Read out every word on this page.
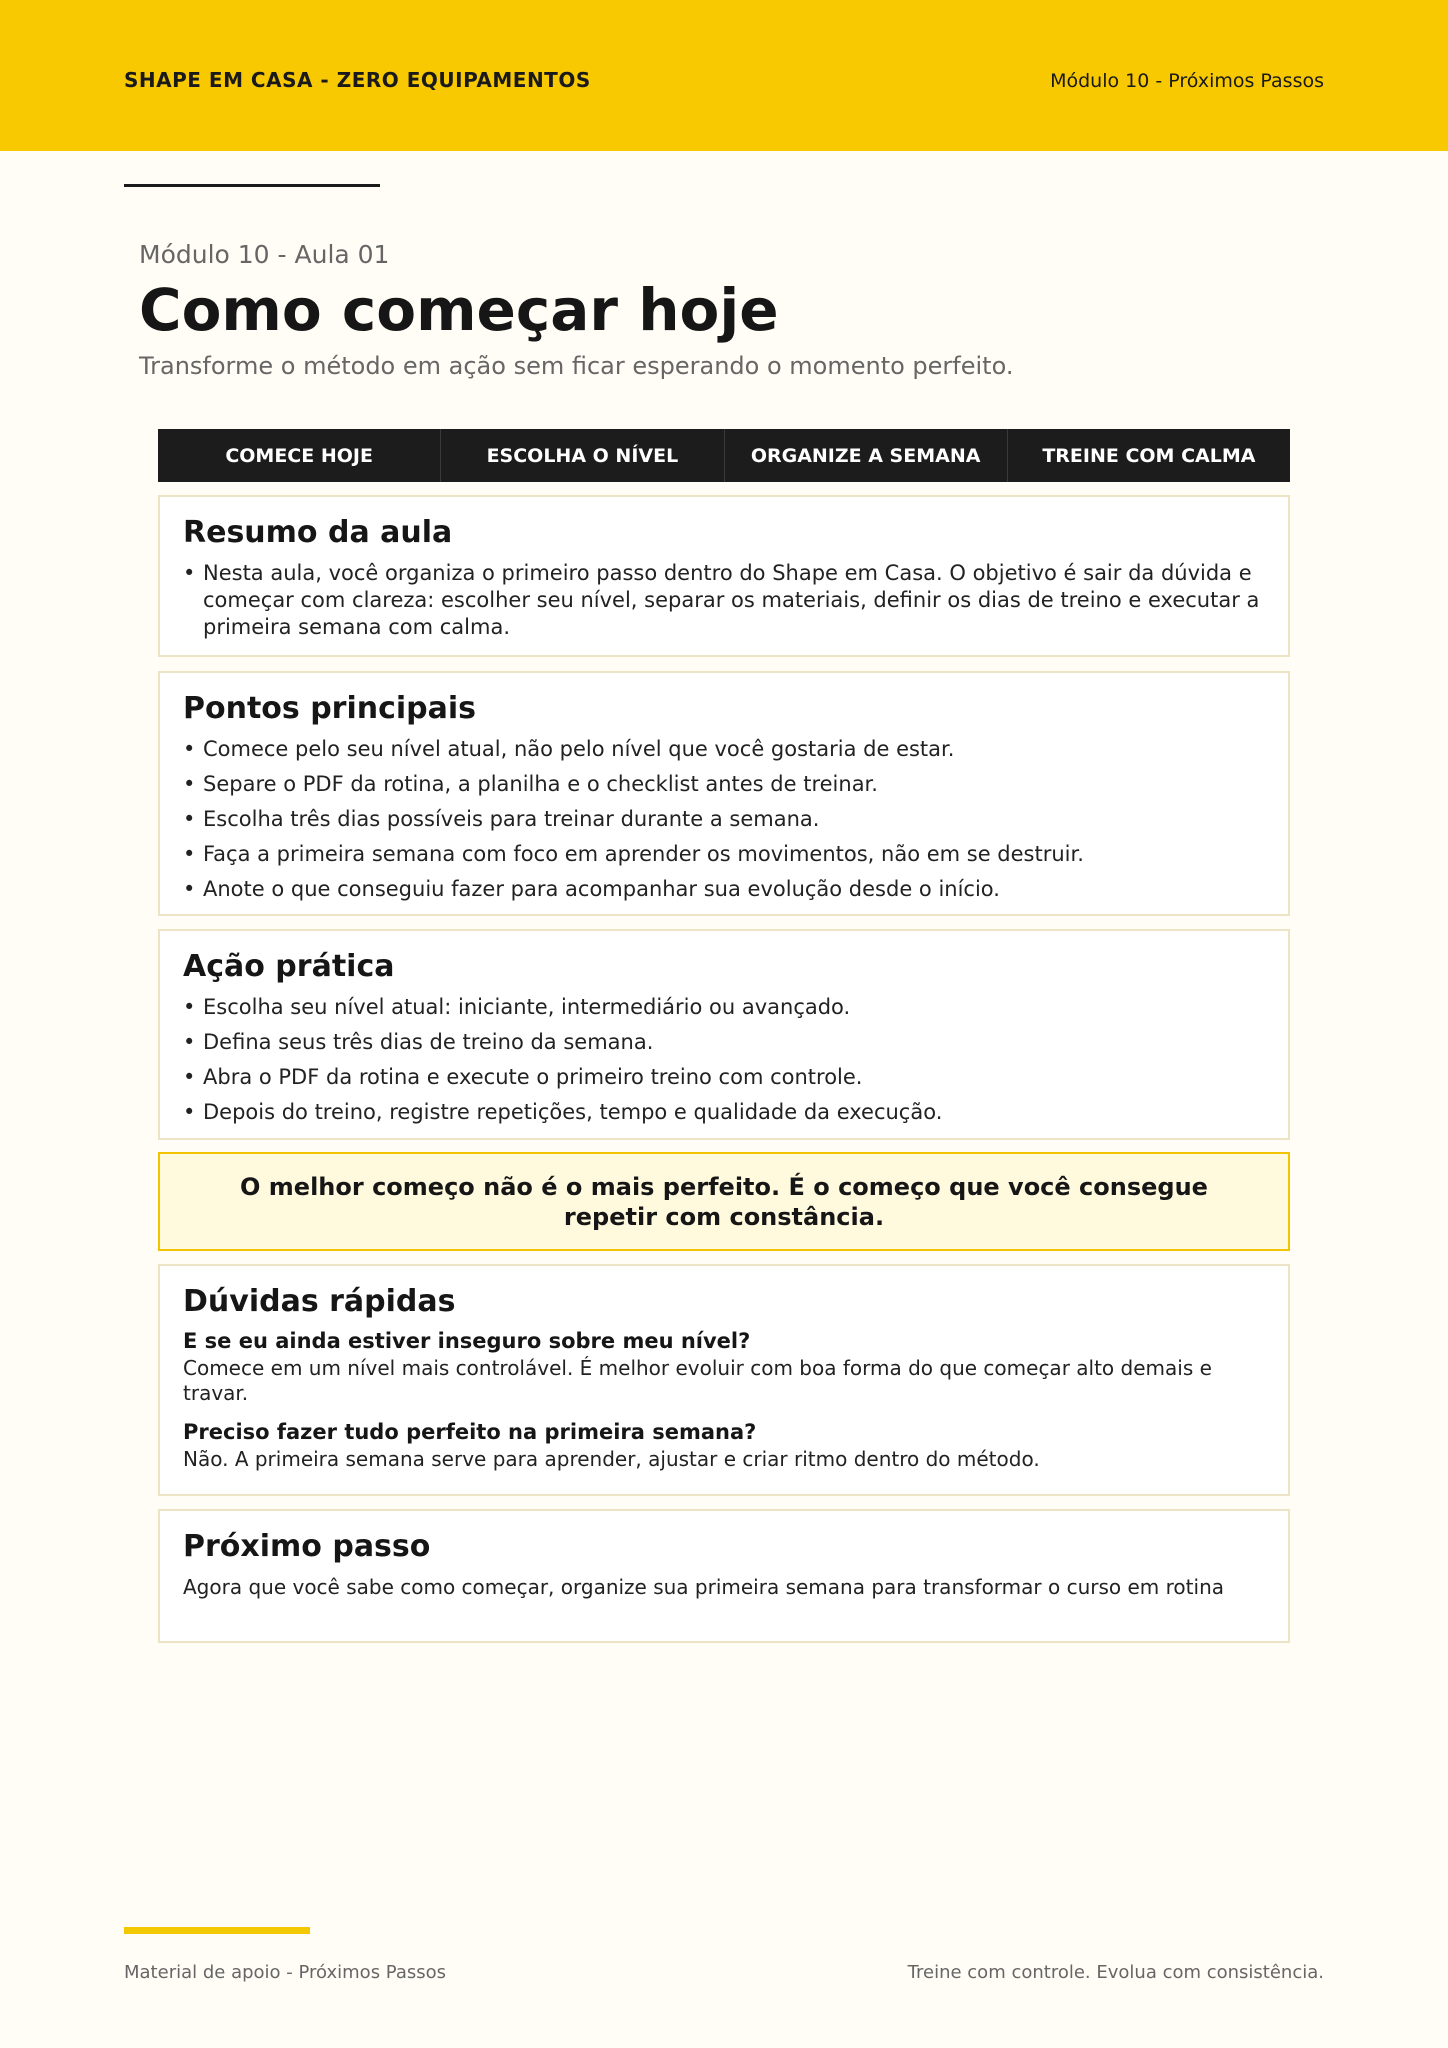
SHAPE EM CASA - ZERO EQUIPAMENTOS	Módulo 10 - Próximos Passos
Módulo 10 - Aula 01
Como começar hoje
Transforme o método em ação sem ficar esperando o momento perfeito.
COMECE HOJE	ESCOLHA O NÍVEL	ORGANIZE A SEMANA	TREINE COM CALMA
Resumo da aula
• Nesta aula, você organiza o primeiro passo dentro do Shape em Casa. O objetivo é sair da dúvida e começar com clareza: escolher seu nível, separar os materiais, definir os dias de treino e executar a primeira semana com calma.
Pontos principais
• Comece pelo seu nível atual, não pelo nível que você gostaria de estar.
• Separe o PDF da rotina, a planilha e o checklist antes de treinar.
• Escolha três dias possíveis para treinar durante a semana.
• Faça a primeira semana com foco em aprender os movimentos, não em se destruir.
• Anote o que conseguiu fazer para acompanhar sua evolução desde o início.
Ação prática
• Escolha seu nível atual: iniciante, intermediário ou avançado.
• Defina seus três dias de treino da semana.
• Abra o PDF da rotina e execute o primeiro treino com controle.
• Depois do treino, registre repetições, tempo e qualidade da execução.
O melhor começo não é o mais perfeito. É o começo que você consegue repetir com constância.
Dúvidas rápidas
E se eu ainda estiver inseguro sobre meu nível?
Comece em um nível mais controlável. É melhor evoluir com boa forma do que começar alto demais e travar.
Preciso fazer tudo perfeito na primeira semana?
Não. A primeira semana serve para aprender, ajustar e criar ritmo dentro do método.
Próximo passo
Agora que você sabe como começar, organize sua primeira semana para transformar o curso em rotina
Material de apoio - Próximos Passos	Treine com controle. Evolua com consistência.
